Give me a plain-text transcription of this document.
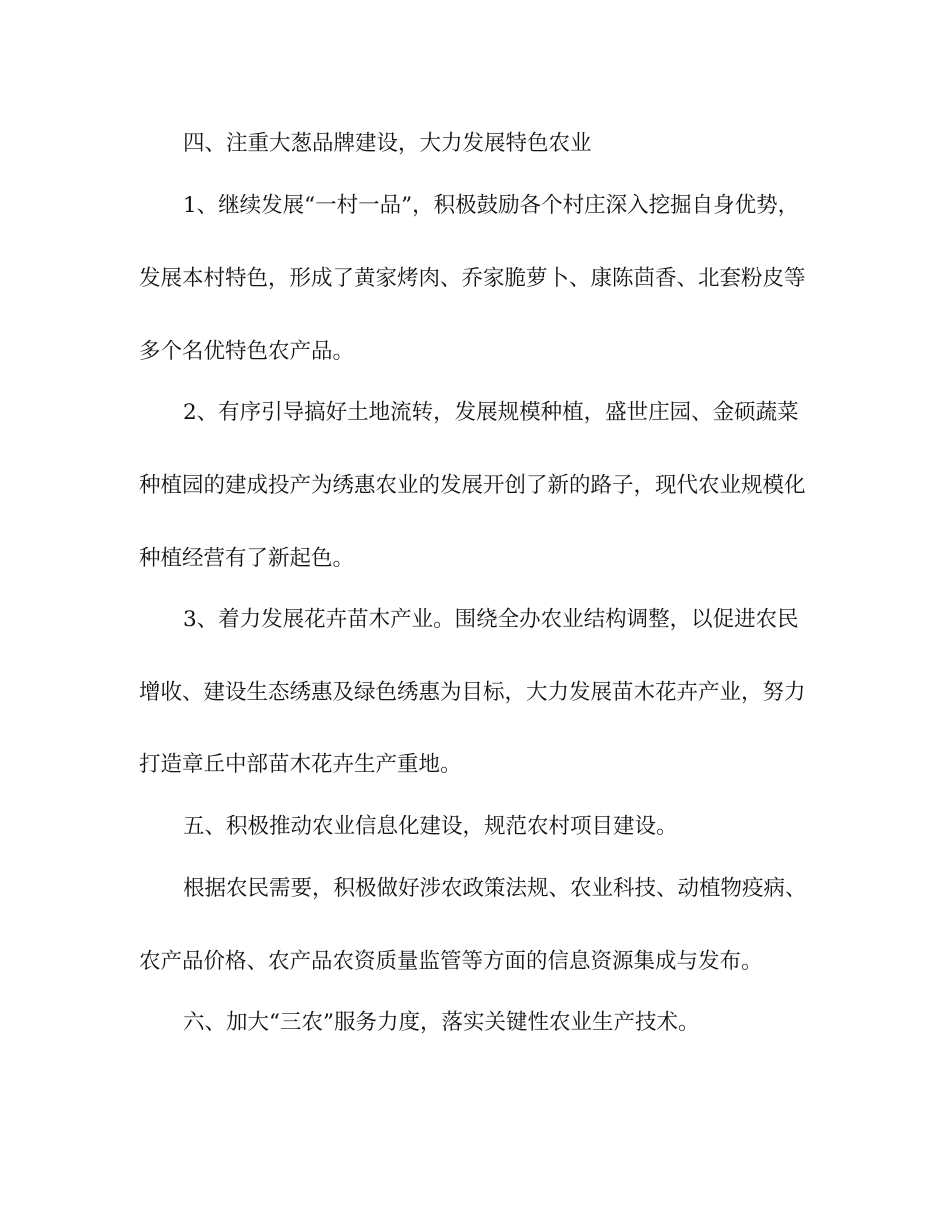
四、注重大葱品牌建设，大力发展特色农业
1、继续发展“一村一品”，积极鼓励各个村庄深入挖掘自身优势，
发展本村特色，形成了黄家烤肉、乔家脆萝卜、康陈茴香、北套粉皮等
多个名优特色农产品。
2、有序引导搞好土地流转，发展规模种植，盛世庄园、金硕蔬菜
种植园的建成投产为绣惠农业的发展开创了新的路子，现代农业规模化
种植经营有了新起色。
3、着力发展花卉苗木产业。围绕全办农业结构调整，以促进农民
增收、建设生态绣惠及绿色绣惠为目标，大力发展苗木花卉产业，努力
打造章丘中部苗木花卉生产重地。
五、积极推动农业信息化建设，规范农村项目建设。
根据农民需要，积极做好涉农政策法规、农业科技、动植物疫病、
农产品价格、农产品农资质量监管等方面的信息资源集成与发布。
六、加大“三农”服务力度，落实关键性农业生产技术。
